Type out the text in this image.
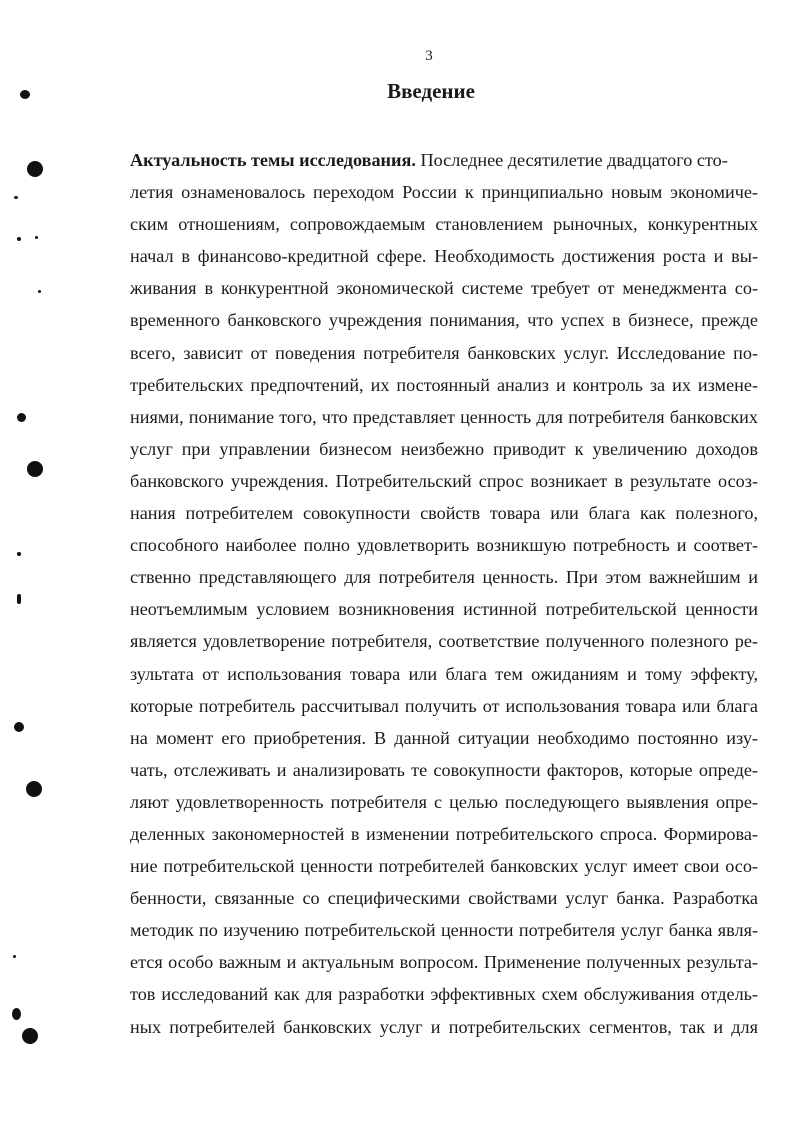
3
Введение
Актуальность темы исследования. Последнее десятилетие двадцатого сто-
летия ознаменовалось переходом России к принципиально новым экономиче-
ским отношениям, сопровождаемым становлением рыночных, конкурентных
начал в финансово-кредитной сфере. Необходимость достижения роста и вы-
живания в конкурентной экономической системе требует от менеджмента со-
временного банковского учреждения понимания, что успех в бизнесе, прежде
всего, зависит от поведения потребителя банковских услуг. Исследование по-
требительских предпочтений, их постоянный анализ и контроль за их измене-
ниями, понимание того, что представляет ценность для потребителя банковских
услуг при управлении бизнесом неизбежно приводит к увеличению доходов
банковского учреждения. Потребительский спрос возникает в результате осоз-
нания потребителем совокупности свойств товара или блага как полезного,
способного наиболее полно удовлетворить возникшую потребность и соответ-
ственно представляющего для потребителя ценность. При этом важнейшим и
неотъемлимым условием возникновения истинной потребительской ценности
является удовлетворение потребителя, соответствие полученного полезного ре-
зультата от использования товара или блага тем ожиданиям и тому эффекту,
которые потребитель рассчитывал получить от использования товара или блага
на момент его приобретения. В данной ситуации необходимо постоянно изу-
чать, отслеживать и анализировать те совокупности факторов, которые опреде-
ляют удовлетворенность потребителя с целью последующего выявления опре-
деленных закономерностей в изменении потребительского спроса. Формирова-
ние потребительской ценности потребителей банковских услуг имеет свои осо-
бенности, связанные со специфическими свойствами услуг банка. Разработка
методик по изучению потребительской ценности потребителя услуг банка явля-
ется особо важным и актуальным вопросом. Применение полученных результа-
тов исследований как для разработки эффективных схем обслуживания отдель-
ных потребителей банковских услуг и потребительских сегментов, так и для
